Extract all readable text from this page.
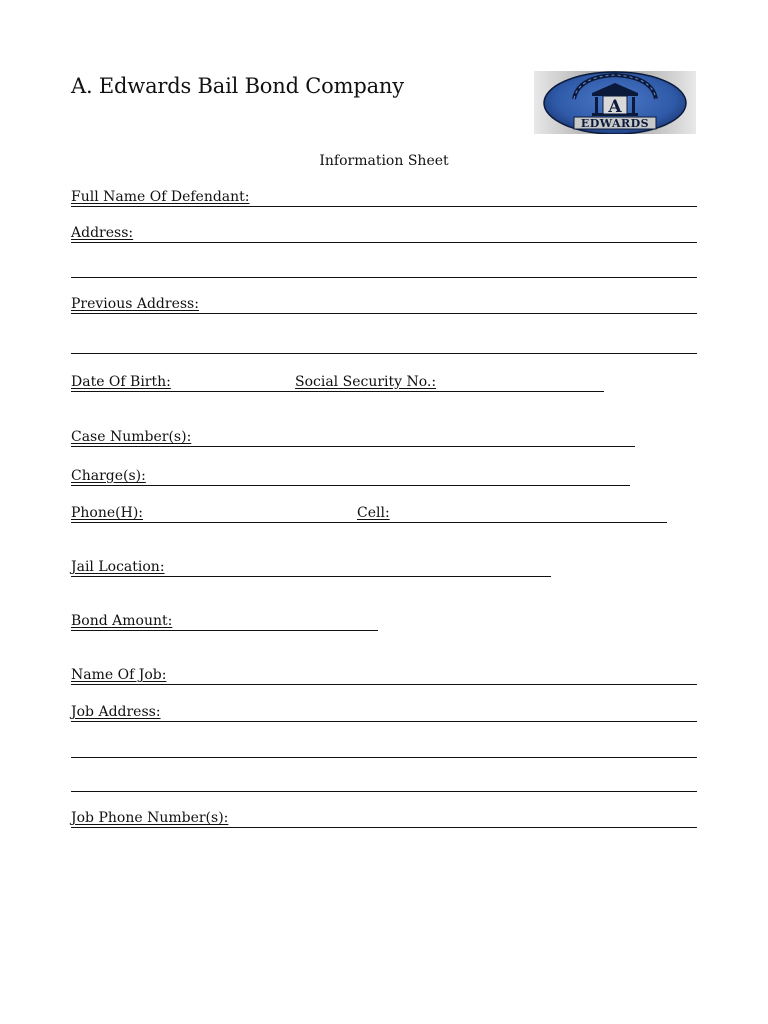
A. Edwards Bail Bond Company
A
EDWARDS
Information Sheet
Full Name Of Defendant:
Address:
Previous Address:
Date Of Birth:	Social Security No.:
Case Number(s):
Charge(s):
Phone(H):	Cell:
Jail Location:
Bond Amount:
Name Of Job:
Job Address:
Job Phone Number(s):
